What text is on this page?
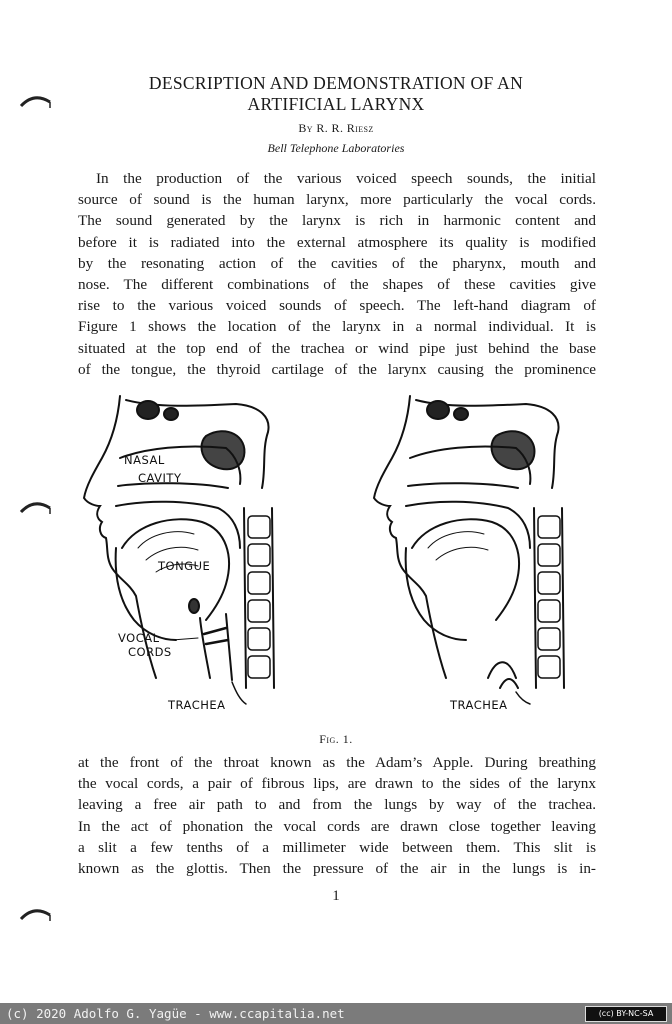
DESCRIPTION AND DEMONSTRATION OF AN
ARTIFICIAL LARYNX
By R. R. Riesz
Bell Telephone Laboratories

In the production of the various voiced speech sounds, the initial
source of sound is the human larynx, more particularly the vocal cords.
The sound generated by the larynx is rich in harmonic content and
before it is radiated into the external atmosphere its quality is modified
by the resonating action of the cavities of the pharynx, mouth and
nose. The different combinations of the shapes of these cavities give
rise to the various voiced sounds of speech. The left-hand diagram of
Figure 1 shows the location of the larynx in a normal individual. It is
situated at the top end of the trachea or wind pipe just behind the base
of the tongue, the thyroid cartilage of the larynx causing the prominence

NASAL
CAVITY
TONGUE
VOCAL
CORDS
TRACHEA	TRACHEA
Fig. 1.

at the front of the throat known as the Adam’s Apple. During breathing
the vocal cords, a pair of fibrous lips, are drawn to the sides of the larynx
leaving a free air path to and from the lungs by way of the trachea.
In the act of phonation the vocal cords are drawn close together leaving
a slit a few tenths of a millimeter wide between them. This slit is
known as the glottis. Then the pressure of the air in the lungs is in-

1
(c) 2020 Adolfo G. Yagüe - www.ccapitalia.net	(cc) BY-NC-SA
